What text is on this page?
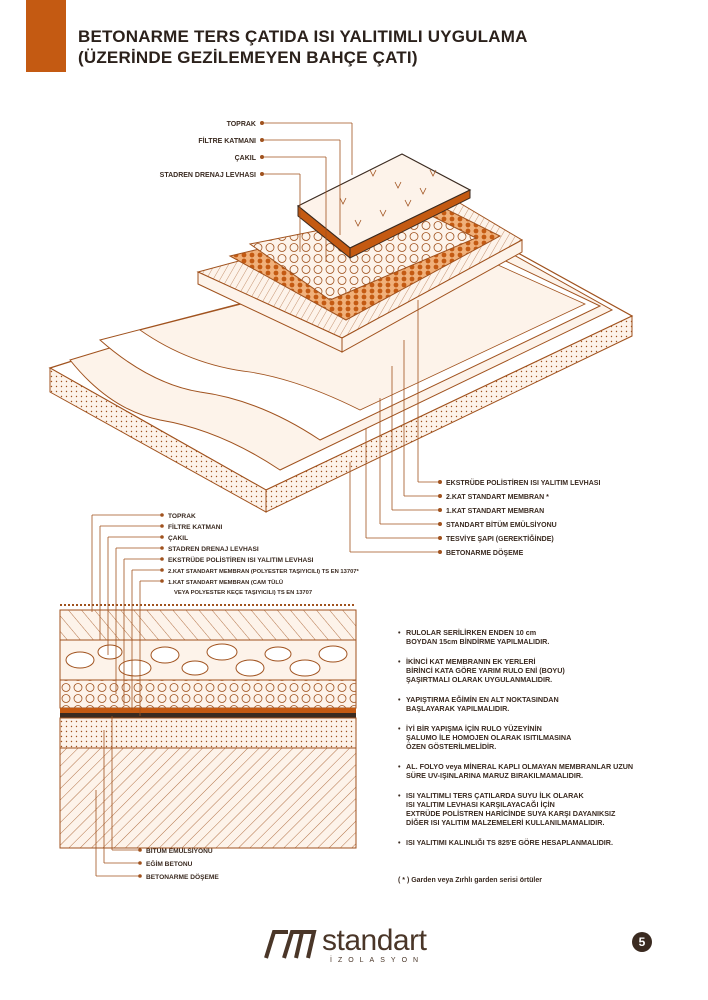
BETONARME TERS ÇATIDA ISI YALITIMLI UYGULAMA
(ÜZERİNDE GEZİLEMEYEN BAHÇE ÇATI)
TOPRAK
FİLTRE KATMANI
ÇAKIL
STADREN DRENAJ LEVHASI
EKSTRÜDE POLİSTİREN ISI YALITIM LEVHASI
2.KAT STANDART MEMBRAN *
1.KAT STANDART MEMBRAN
STANDART BİTÜM EMÜLSİYONU
TESVİYE ŞAPI (GEREKTİĞİNDE)
BETONARME DÖŞEME
TOPRAK
FİLTRE KATMANI
ÇAKIL
STADREN DRENAJ LEVHASI
EKSTRÜDE POLİSTİREN ISI YALITIM LEVHASI
2.KAT STANDART MEMBRAN (POLYESTER TAŞIYICILI) TS EN 13707*
1.KAT STANDART MEMBRAN (CAM TÜLÜ
VEYA POLYESTER KEÇE TAŞIYICILI) TS EN 13707
BİTÜM EMÜLSİYONU
EĞİM BETONU
BETONARME DÖŞEME
• RULOLAR SERİLİRKEN ENDEN 10 cm
BOYDAN 15cm BİNDİRME YAPILMALIDIR.
• İKİNCİ KAT MEMBRANIN EK YERLERİ
BİRİNCİ KATA GÖRE YARIM RULO ENİ (BOYU)
ŞAŞIRTMALI OLARAK UYGULANMALIDIR.
• YAPIŞTIRMA EĞİMİN EN ALT NOKTASINDAN
BAŞLAYARAK YAPILMALIDIR.
• İYİ BİR YAPIŞMA İÇİN RULO YÜZEYİNİN
ŞALUMO İLE HOMOJEN OLARAK ISITILMASINA
ÖZEN GÖSTERİLMELİDİR.
• AL. FOLYO veya MİNERAL KAPLI OLMAYAN MEMBRANLAR UZUN
SÜRE UV-IŞINLARINA MARUZ BIRAKILMAMALIDIR.
• ISI YALITIMLI TERS ÇATILARDA SUYU İLK OLARAK
ISI YALITIM LEVHASI KARŞILAYACAĞI İÇİN
EXTRÜDE POLİSTREN HARİCİNDE SUYA KARŞI DAYANIKSIZ
DİĞER ISI YALITIM MALZEMELERİ KULLANILMAMALIDIR.
• ISI YALITIMI KALINLIĞI TS 825'E GÖRE HESAPLANMALIDIR.
( * ) Garden veya Zırhlı garden serisi örtüler
standart
İZOLASYON
5
